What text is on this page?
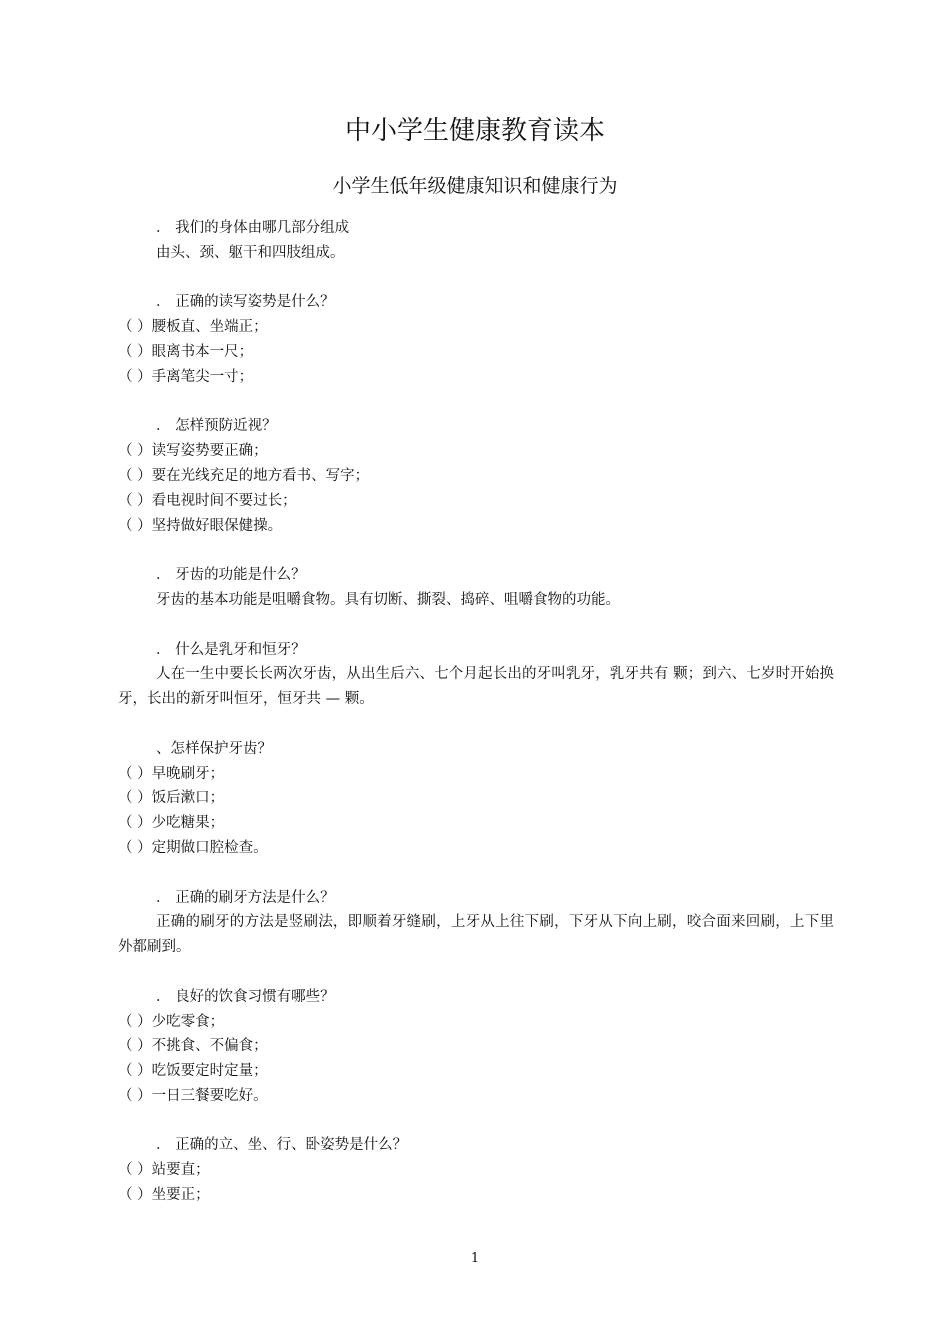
中小学生健康教育读本
小学生低年级健康知识和健康行为
． 我们的身体由哪几部分组成
由头、颈、躯干和四肢组成。
． 正确的读写姿势是什么？
（ ）腰板直、坐端正；
（ ）眼离书本一尺；
（ ）手离笔尖一寸；
． 怎样预防近视？
（ ）读写姿势要正确；
（ ）要在光线充足的地方看书、写字；
（ ）看电视时间不要过长；
（ ）坚持做好眼保健操。
． 牙齿的功能是什么？
牙齿的基本功能是咀嚼食物。具有切断、撕裂、捣碎、咀嚼食物的功能。
． 什么是乳牙和恒牙？
人在一生中要长长两次牙齿，从出生后六、七个月起长出的牙叫乳牙，乳牙共有 颗；到六、七岁时开始换牙，长出的新牙叫恒牙，恒牙共 — 颗。
、怎样保护牙齿？
（ ）早晚刷牙；
（ ）饭后漱口；
（ ）少吃糖果；
（ ）定期做口腔检查。
． 正确的刷牙方法是什么？
正确的刷牙的方法是竖刷法，即顺着牙缝刷，上牙从上往下刷，下牙从下向上刷，咬合面来回刷，上下里外都刷到。
． 良好的饮食习惯有哪些？
（ ）少吃零食；
（ ）不挑食、不偏食；
（ ）吃饭要定时定量；
（ ）一日三餐要吃好。
． 正确的立、坐、行、卧姿势是什么？
（ ）站要直；
（ ）坐要正；
1
